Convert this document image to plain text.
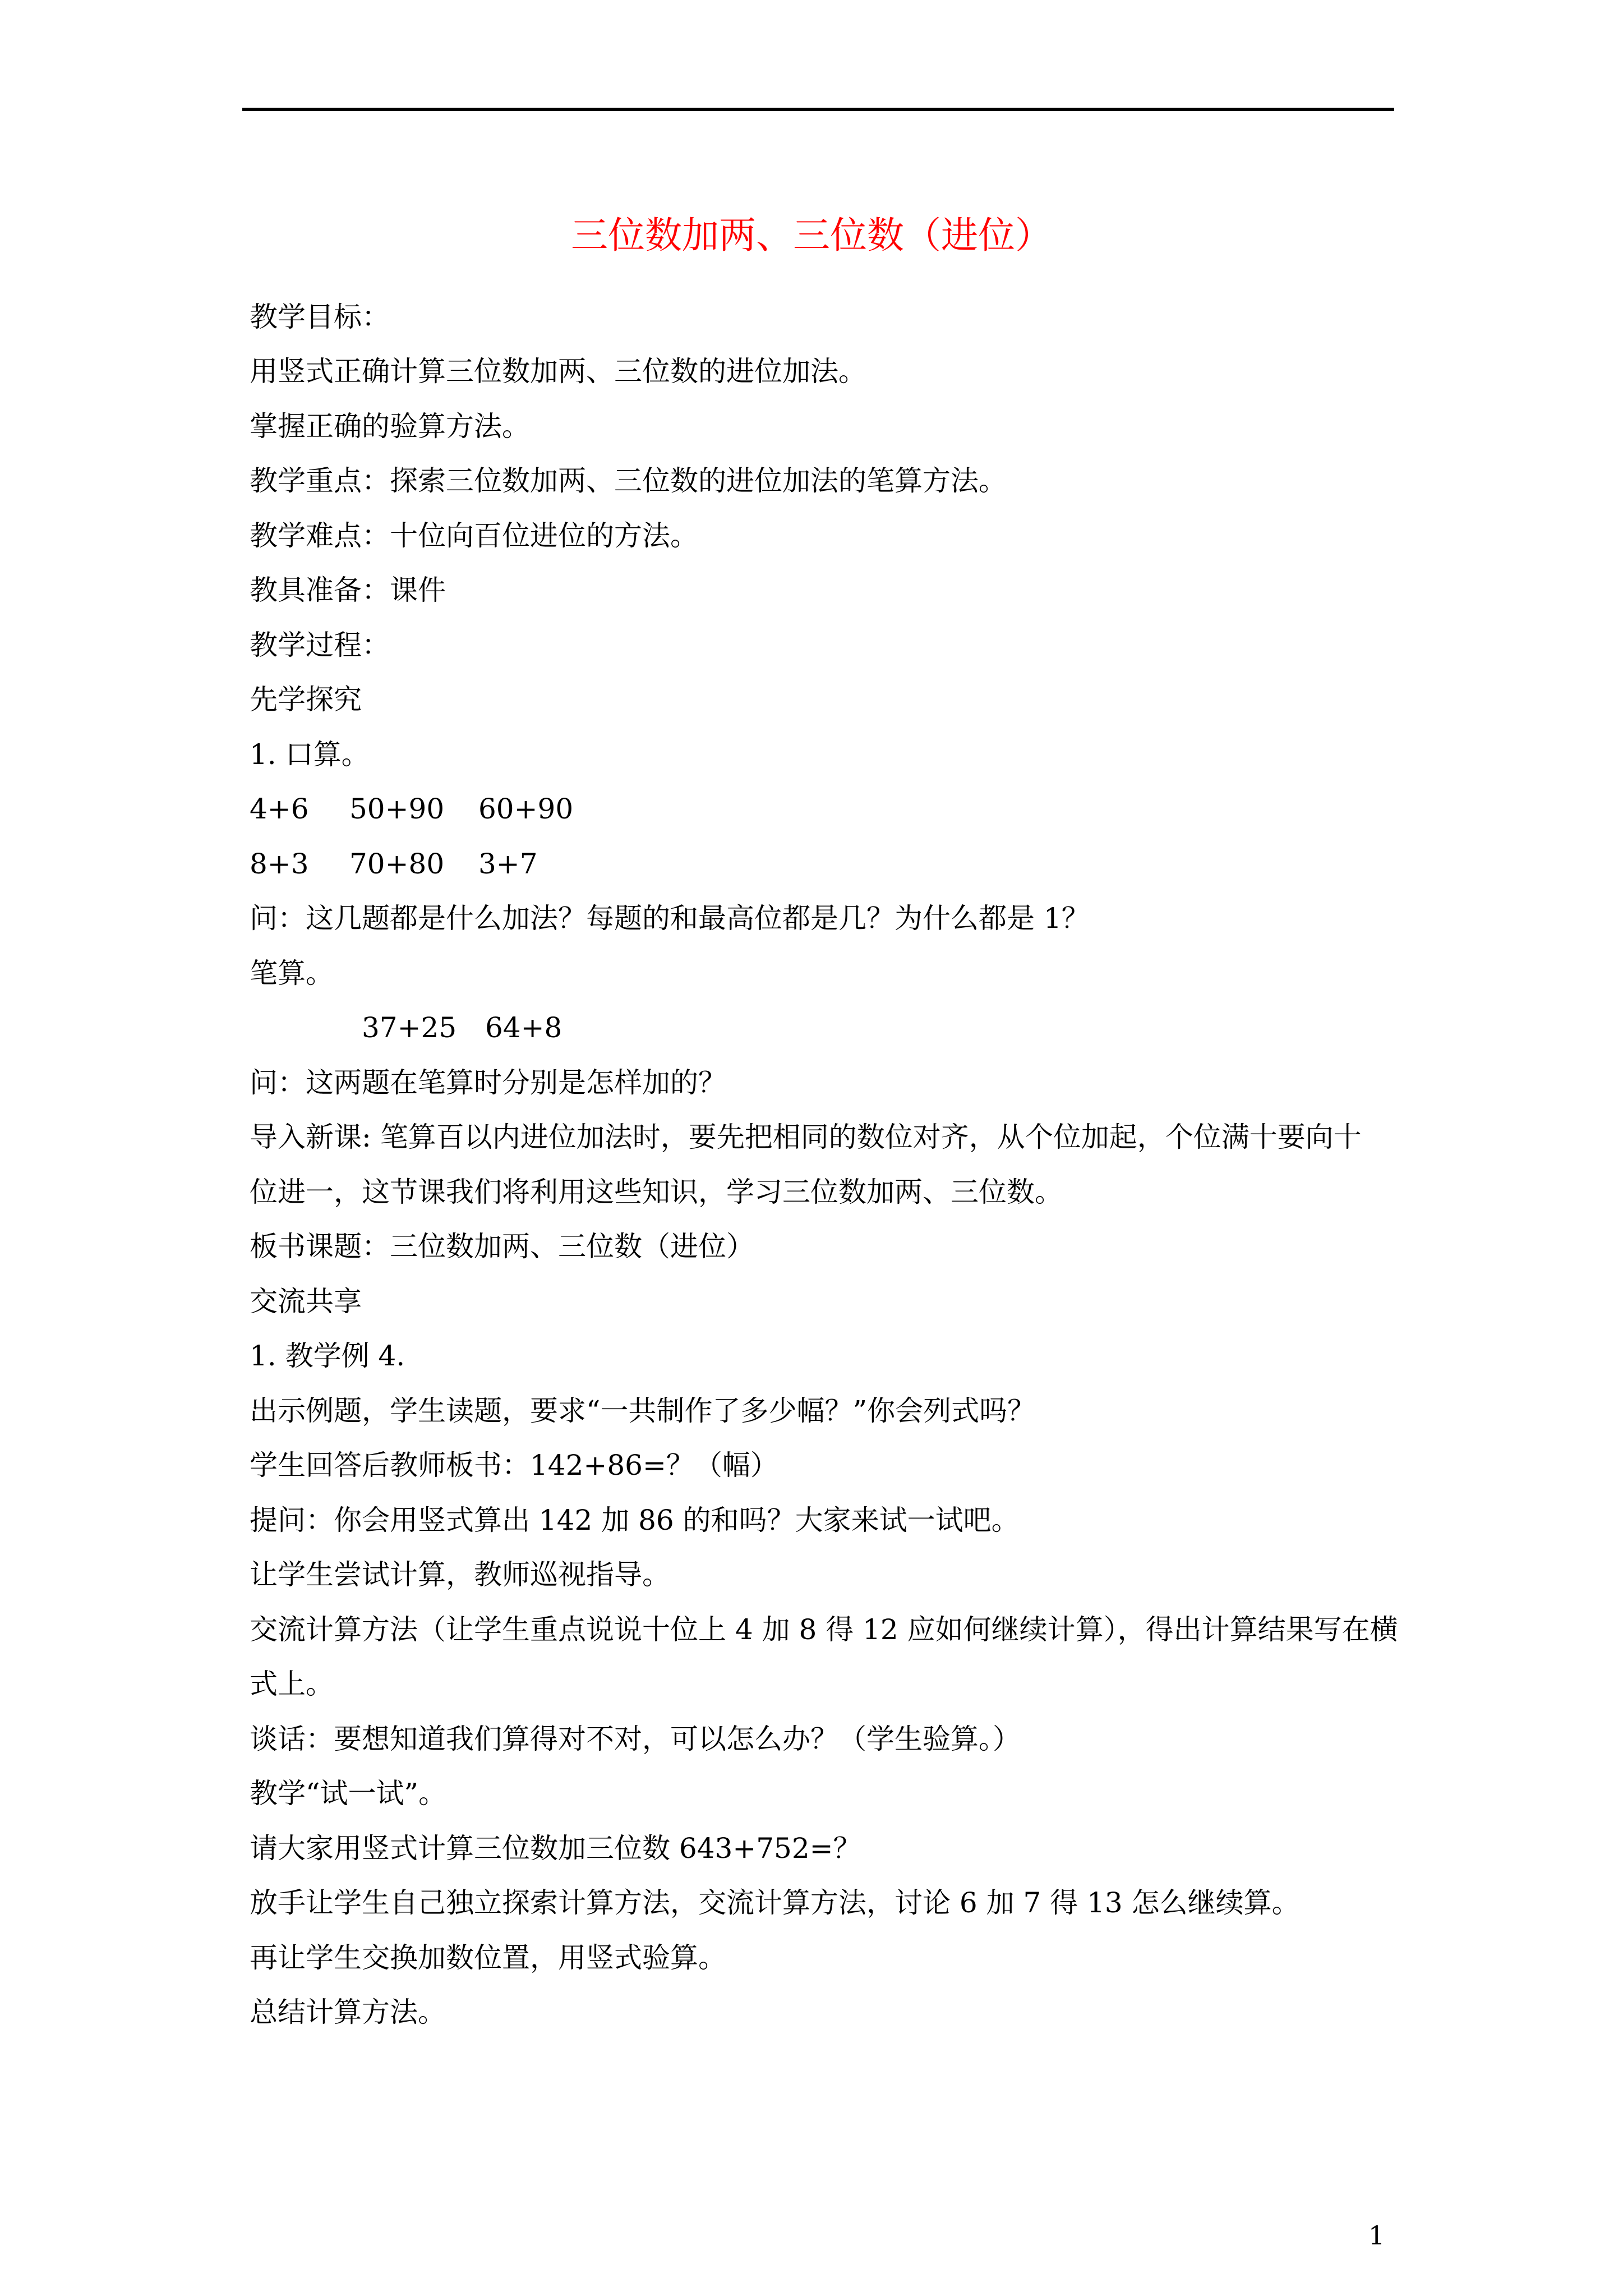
三位数加两、三位数（进位）
教学目标：
用竖式正确计算三位数加两、三位数的进位加法。
掌握正确的验算方法。
教学重点：探索三位数加两、三位数的进位加法的笔算方法。
教学难点：十位向百位进位的方法。
教具准备：课件
教学过程：
先学探究
1. 口算。
4+6 50+90 60+90
8+3 70+80 3+7
问：这几题都是什么加法？每题的和最高位都是几？为什么都是 1？
笔算。
37+25 64+8
问：这两题在笔算时分别是怎样加的？
导入新课: 笔算百以内进位加法时，要先把相同的数位对齐，从个位加起，个位满十要向十
位进一，这节课我们将利用这些知识，学习三位数加两、三位数。
板书课题：三位数加两、三位数（进位）
交流共享
1. 教学例 4.
出示例题，学生读题，要求“一共制作了多少幅？”你会列式吗？
学生回答后教师板书：142+86=？（幅）
提问：你会用竖式算出 142 加 86 的和吗？大家来试一试吧。
让学生尝试计算，教师巡视指导。
交流计算方法（让学生重点说说十位上 4 加 8 得 12 应如何继续计算），得出计算结果写在横
式上。
谈话：要想知道我们算得对不对，可以怎么办？（学生验算。）
教学“试一试”。
请大家用竖式计算三位数加三位数 643+752=？
放手让学生自己独立探索计算方法，交流计算方法，讨论 6 加 7 得 13 怎么继续算。
再让学生交换加数位置，用竖式验算。
总结计算方法。
1
